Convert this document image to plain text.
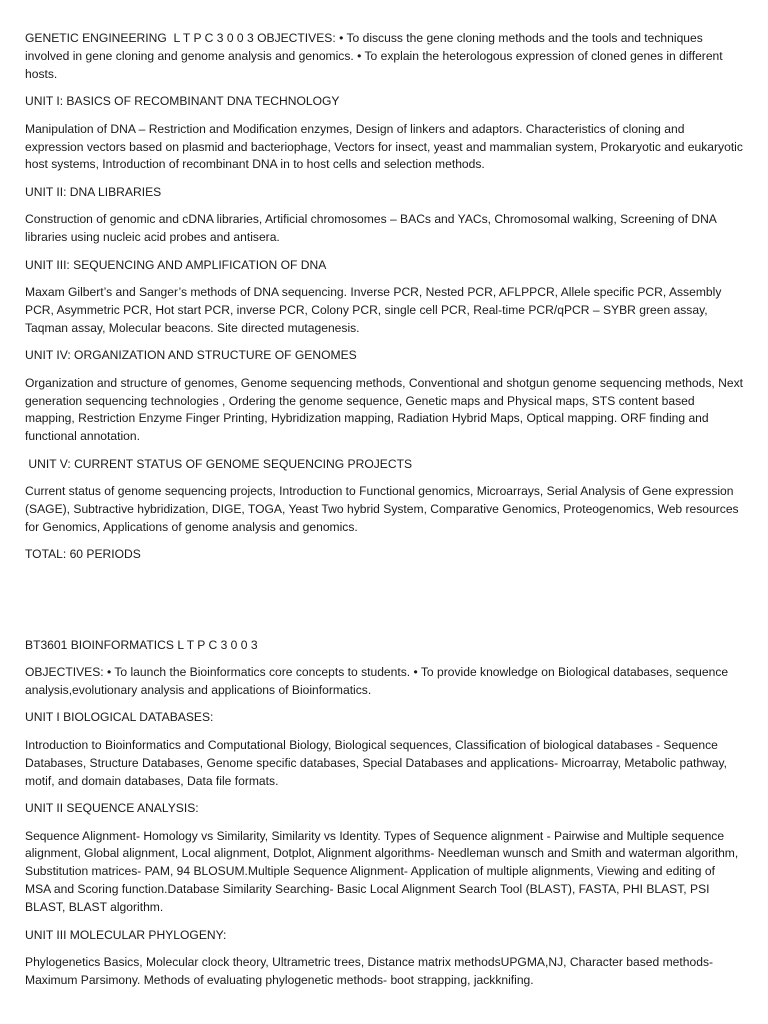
GENETIC ENGINEERING  L T P C 3 0 0 3 OBJECTIVES: • To discuss the gene cloning methods and the tools and techniques involved in gene cloning and genome analysis and genomics. • To explain the heterologous expression of cloned genes in different hosts.

UNIT I: BASICS OF RECOMBINANT DNA TECHNOLOGY

Manipulation of DNA – Restriction and Modification enzymes, Design of linkers and adaptors. Characteristics of cloning and expression vectors based on plasmid and bacteriophage, Vectors for insect, yeast and mammalian system, Prokaryotic and eukaryotic host systems, Introduction of recombinant DNA in to host cells and selection methods.

UNIT II: DNA LIBRARIES

Construction of genomic and cDNA libraries, Artificial chromosomes – BACs and YACs, Chromosomal walking, Screening of DNA libraries using nucleic acid probes and antisera.

UNIT III: SEQUENCING AND AMPLIFICATION OF DNA

Maxam Gilbert’s and Sanger’s methods of DNA sequencing. Inverse PCR, Nested PCR, AFLPPCR, Allele specific PCR, Assembly PCR, Asymmetric PCR, Hot start PCR, inverse PCR, Colony PCR, single cell PCR, Real-time PCR/qPCR – SYBR green assay, Taqman assay, Molecular beacons. Site directed mutagenesis.

UNIT IV: ORGANIZATION AND STRUCTURE OF GENOMES

Organization and structure of genomes, Genome sequencing methods, Conventional and shotgun genome sequencing methods, Next generation sequencing technologies , Ordering the genome sequence, Genetic maps and Physical maps, STS content based mapping, Restriction Enzyme Finger Printing, Hybridization mapping, Radiation Hybrid Maps, Optical mapping. ORF finding and functional annotation.

UNIT V: CURRENT STATUS OF GENOME SEQUENCING PROJECTS

Current status of genome sequencing projects, Introduction to Functional genomics, Microarrays, Serial Analysis of Gene expression (SAGE), Subtractive hybridization, DIGE, TOGA, Yeast Two hybrid System, Comparative Genomics, Proteogenomics, Web resources for Genomics, Applications of genome analysis and genomics.

TOTAL: 60 PERIODS

BT3601 BIOINFORMATICS L T P C 3 0 0 3

OBJECTIVES: • To launch the Bioinformatics core concepts to students. • To provide knowledge on Biological databases, sequence analysis,evolutionary analysis and applications of Bioinformatics.

UNIT I BIOLOGICAL DATABASES:

Introduction to Bioinformatics and Computational Biology, Biological sequences, Classification of biological databases - Sequence Databases, Structure Databases, Genome specific databases, Special Databases and applications- Microarray, Metabolic pathway, motif, and domain databases, Data file formats.

UNIT II SEQUENCE ANALYSIS:

Sequence Alignment- Homology vs Similarity, Similarity vs Identity. Types of Sequence alignment - Pairwise and Multiple sequence alignment, Global alignment, Local alignment, Dotplot, Alignment algorithms- Needleman wunsch and Smith and waterman algorithm, Substitution matrices- PAM, 94 BLOSUM.Multiple Sequence Alignment- Application of multiple alignments, Viewing and editing of MSA and Scoring function.Database Similarity Searching- Basic Local Alignment Search Tool (BLAST), FASTA, PHI BLAST, PSI BLAST, BLAST algorithm.

UNIT III MOLECULAR PHYLOGENY:

Phylogenetics Basics, Molecular clock theory, Ultrametric trees, Distance matrix methodsUPGMA,NJ, Character based methods-Maximum Parsimony. Methods of evaluating phylogenetic methods- boot strapping, jackknifing.
